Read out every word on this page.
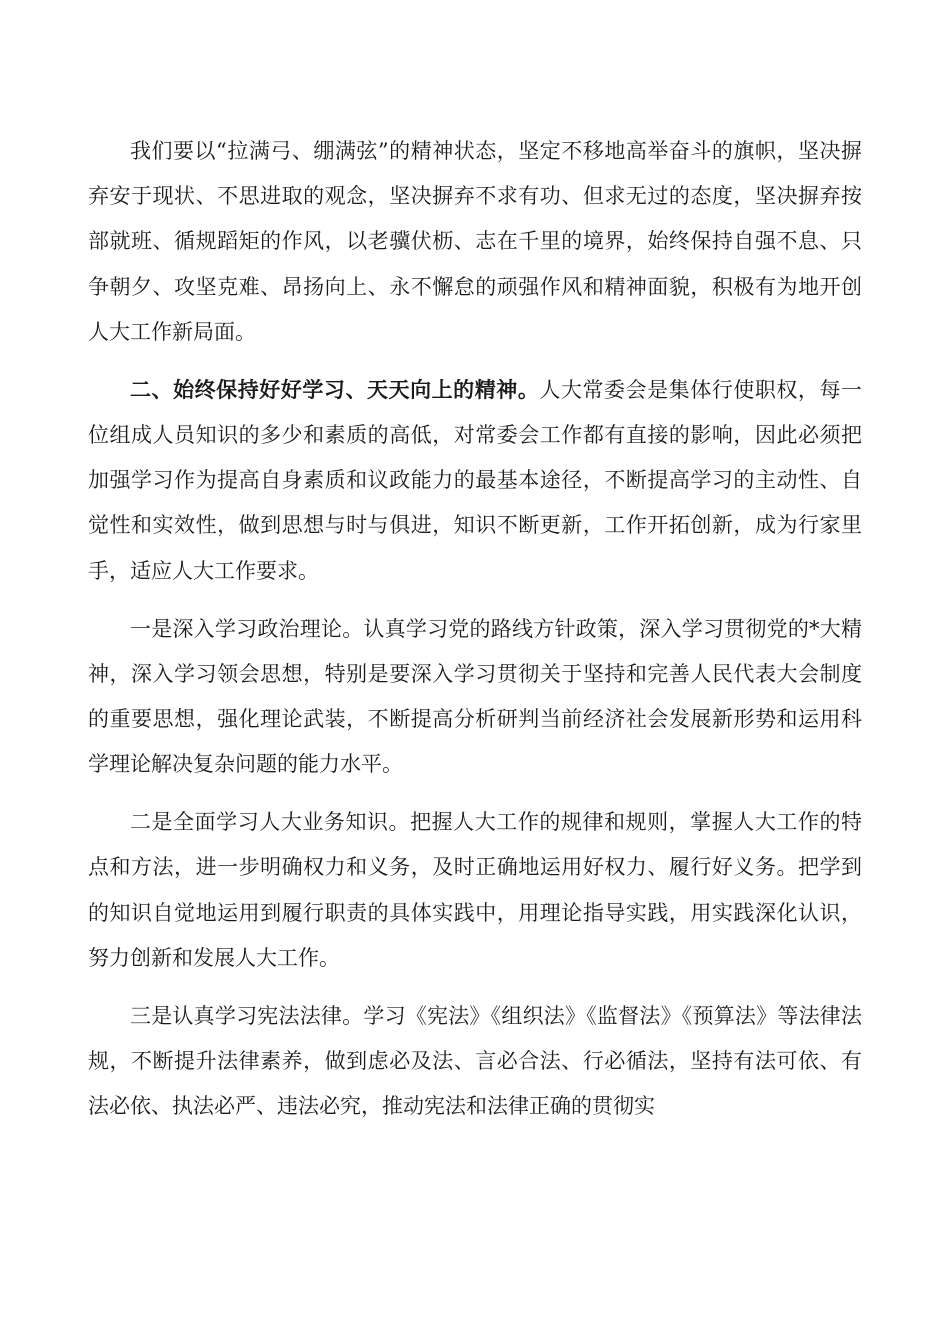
我们要以“拉满弓、绷满弦”的精神状态，坚定不移地高举奋斗的旗帜，坚决摒弃安于现状、不思进取的观念，坚决摒弃不求有功、但求无过的态度，坚决摒弃按部就班、循规蹈矩的作风，以老骥伏枥、志在千里的境界，始终保持自强不息、只争朝夕、攻坚克难、昂扬向上、永不懈怠的顽强作风和精神面貌，积极有为地开创人大工作新局面。

二、始终保持好好学习、天天向上的精神。人大常委会是集体行使职权，每一位组成人员知识的多少和素质的高低，对常委会工作都有直接的影响，因此必须把加强学习作为提高自身素质和议政能力的最基本途径，不断提高学习的主动性、自觉性和实效性，做到思想与时与俱进，知识不断更新，工作开拓创新，成为行家里手，适应人大工作要求。

一是深入学习政治理论。认真学习党的路线方针政策，深入学习贯彻党的*大精神，深入学习领会思想，特别是要深入学习贯彻关于坚持和完善人民代表大会制度的重要思想，强化理论武装，不断提高分析研判当前经济社会发展新形势和运用科学理论解决复杂问题的能力水平。

二是全面学习人大业务知识。把握人大工作的规律和规则，掌握人大工作的特点和方法，进一步明确权力和义务，及时正确地运用好权力、履行好义务。把学到的知识自觉地运用到履行职责的具体实践中，用理论指导实践，用实践深化认识，努力创新和发展人大工作。

三是认真学习宪法法律。学习《宪法》《组织法》《监督法》《预算法》等法律法规，不断提升法律素养，做到虑必及法、言必合法、行必循法，坚持有法可依、有法必依、执法必严、违法必究，推动宪法和法律正确的贯彻实
